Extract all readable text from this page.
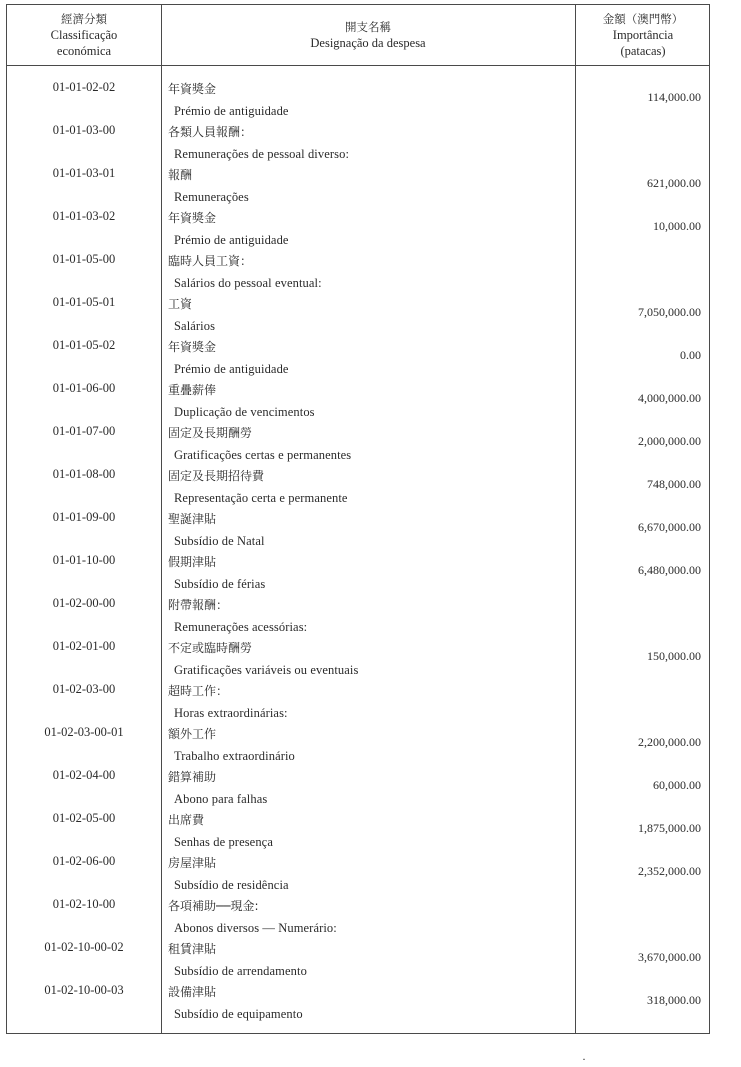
經濟分類
Classificação
económica
開支名稱
Designação da despesa
金額（澳門幣）
Importância
(patacas)
01-01-02-02	年資獎金
Prémio de antiguidade
114,000.00
01-01-03-00	各類人員報酬：
Remunerações de pessoal diverso:
01-01-03-01	報酬
Remunerações
621,000.00
01-01-03-02	年資獎金
Prémio de antiguidade
10,000.00
01-01-05-00	臨時人員工資：
Salários do pessoal eventual:
01-01-05-01	工資
Salários
7,050,000.00
01-01-05-02	年資獎金
Prémio de antiguidade
0.00
01-01-06-00	重疊薪俸
Duplicação de vencimentos
4,000,000.00
01-01-07-00	固定及長期酬勞
Gratificações certas e permanentes
2,000,000.00
01-01-08-00	固定及長期招待費
Representação certa e permanente
748,000.00
01-01-09-00	聖誕津貼
Subsídio de Natal
6,670,000.00
01-01-10-00	假期津貼
Subsídio de férias
6,480,000.00
01-02-00-00	附帶報酬：
Remunerações acessórias:
01-02-01-00	不定或臨時酬勞
Gratificações variáveis ou eventuais
150,000.00
01-02-03-00	超時工作：
Horas extraordinárias:
01-02-03-00-01	額外工作
Trabalho extraordinário
2,200,000.00
01-02-04-00	錯算補助
Abono para falhas
60,000.00
01-02-05-00	出席費
Senhas de presença
1,875,000.00
01-02-06-00	房屋津貼
Subsídio de residência
2,352,000.00
01-02-10-00	各項補助──現金:
Abonos diversos — Numerário:
01-02-10-00-02	租賃津貼
Subsídio de arrendamento
3,670,000.00
01-02-10-00-03	設備津貼
Subsídio de equipamento
318,000.00
·
